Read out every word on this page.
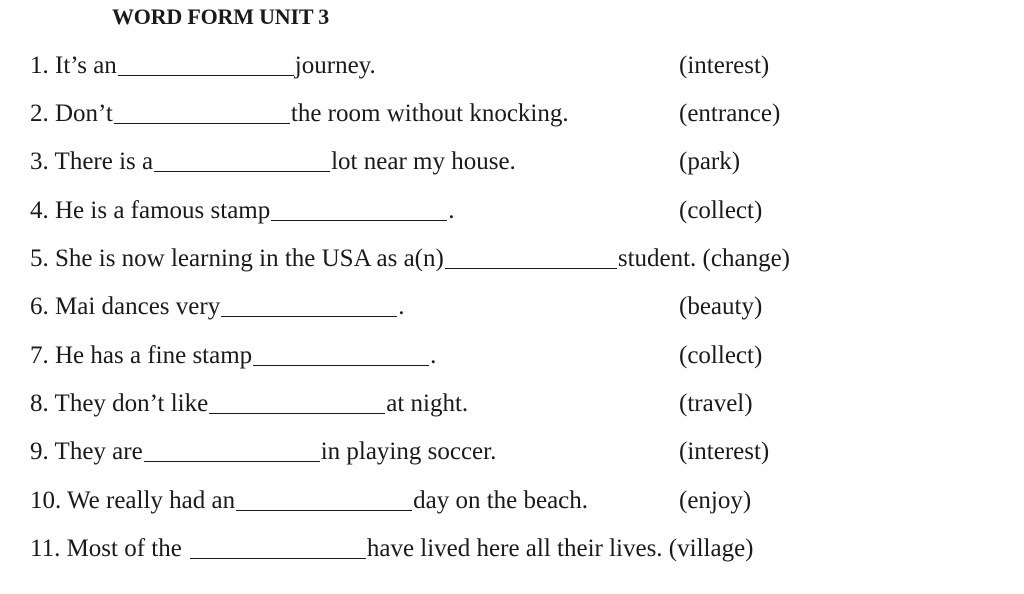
WORD FORM UNIT 3
1. It’s an	journey.	(interest)
2. Don’t	the room without knocking.	(entrance)
3. There is a	lot near my house.	(park)
4. He is a famous stamp	.	(collect)
5. She is now learning in the USA as a(n)	student. (change)
6. Mai dances very	.	(beauty)
7. He has a fine stamp	.	(collect)
8. They don’t like	at night.	(travel)
9. They are	in playing soccer.	(interest)
10. We really had an	day on the beach.	(enjoy)
11. Most of the	have lived here all their lives. (village)
